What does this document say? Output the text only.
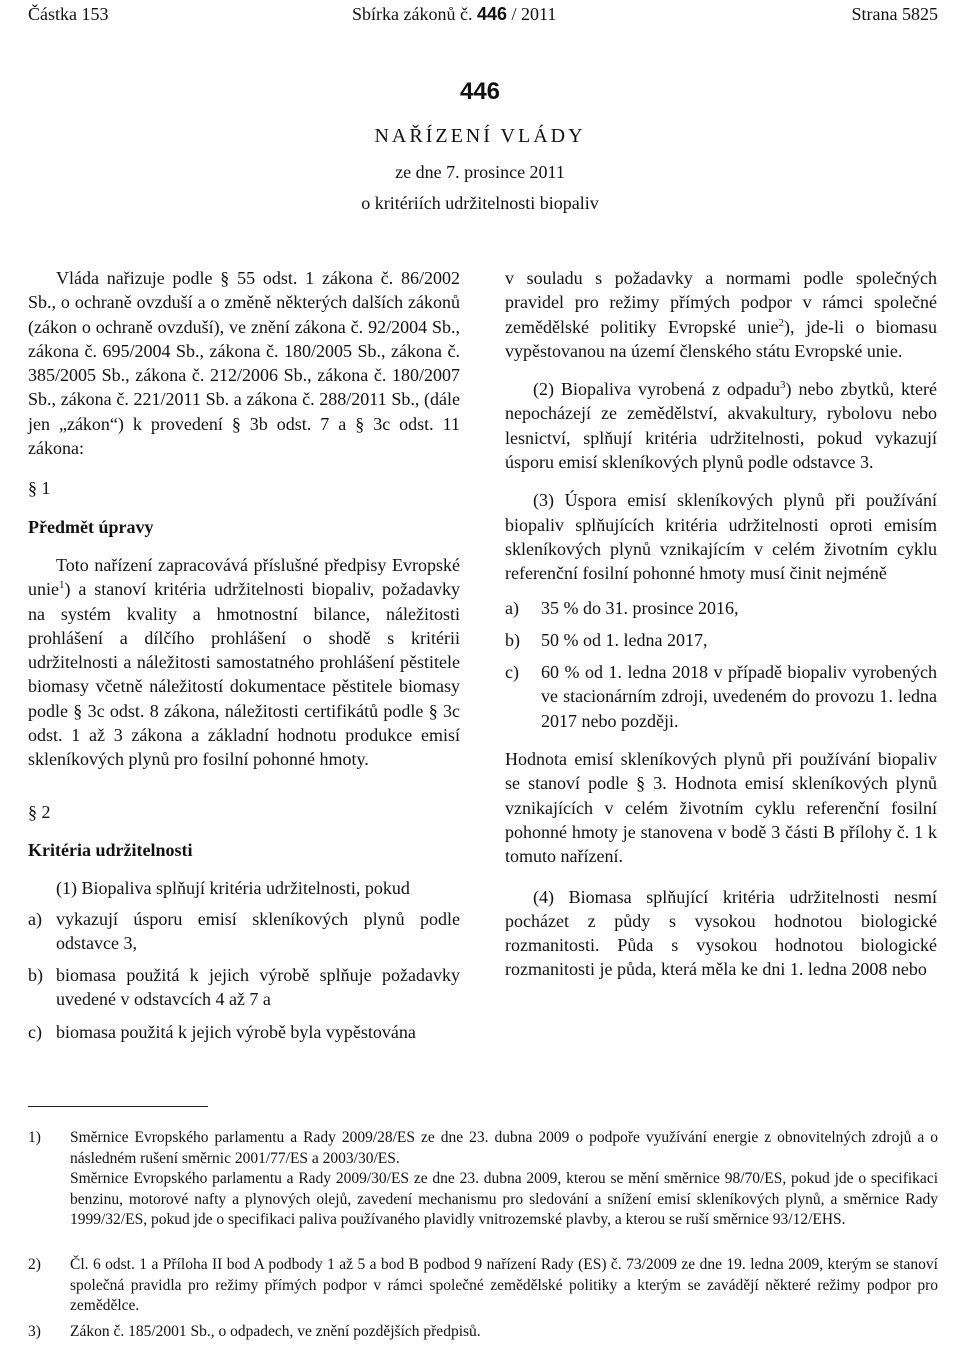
Částka 153	Sbírka zákonů č. 446 / 2011	Strana 5825
446
NAŘÍZENÍ VLÁDY
ze dne 7. prosince 2011
o kritériích udržitelnosti biopaliv

Vláda nařizuje podle § 55 odst. 1 zákona č. 86/2002 Sb., o ochraně ovzduší a o změně některých dalších zákonů (zákon o ochraně ovzduší), ve znění zákona č. 92/2004 Sb., zákona č. 695/2004 Sb., zákona č. 180/2005 Sb., zákona č. 385/2005 Sb., zákona č. 212/2006 Sb., zákona č. 180/2007 Sb., zákona č. 221/2011 Sb. a zákona č. 288/2011 Sb., (dále jen „zákon“) k provedení § 3b odst. 7 a § 3c odst. 11 zákona:

§ 1

Předmět úpravy

Toto nařízení zapracovává příslušné předpisy Evropské unie$^1$) a stanoví kritéria udržitelnosti biopaliv, požadavky na systém kvality a hmotnostní bilance, náležitosti prohlášení a dílčího prohlášení o shodě s kritérii udržitelnosti a náležitosti samostatného prohlášení pěstitele biomasy včetně náležitostí dokumentace pěstitele biomasy podle § 3c odst. 8 zákona, náležitosti certifikátů podle § 3c odst. 1 až 3 zákona a základní hodnotu produkce emisí skleníkových plynů pro fosilní pohonné hmoty.

§ 2

Kritéria udržitelnosti

(1) Biopaliva splňují kritéria udržitelnosti, pokud

a) vykazují úsporu emisí skleníkových plynů podle odstavce 3,
b) biomasa použitá k jejich výrobě splňuje požadavky uvedené v odstavcích 4 až 7 a
c) biomasa použitá k jejich výrobě byla vypěstována

v souladu s požadavky a normami podle společných pravidel pro režimy přímých podpor v rámci společné zemědělské politiky Evropské unie$^2$), jde-li o biomasu vypěstovanou na území členského státu Evropské unie.

(2) Biopaliva vyrobená z odpadu$^3$) nebo zbytků, které nepocházejí ze zemědělství, akvakultury, rybolovu nebo lesnictví, splňují kritéria udržitelnosti, pokud vykazují úsporu emisí skleníkových plynů podle odstavce 3.

(3) Úspora emisí skleníkových plynů při používání biopaliv splňujících kritéria udržitelnosti oproti emisím skleníkových plynů vznikajícím v celém životním cyklu referenční fosilní pohonné hmoty musí činit nejméně

a)	35 % do 31. prosince 2016,
b)	50 % od 1. ledna 2017,
c)	60 % od 1. ledna 2018 v případě biopaliv vyrobených ve stacionárním zdroji, uvedeném do provozu 1. ledna 2017 nebo později.

Hodnota emisí skleníkových plynů při používání biopaliv se stanoví podle § 3. Hodnota emisí skleníkových plynů vznikajících v celém životním cyklu referenční fosilní pohonné hmoty je stanovena v bodě 3 části B přílohy č. 1 k tomuto nařízení.

(4) Biomasa splňující kritéria udržitelnosti nesmí pocházet z půdy s vysokou hodnotou biologické rozmanitosti. Půda s vysokou hodnotou biologické rozmanitosti je půda, která měla ke dni 1. ledna 2008 nebo

1)	Směrnice Evropského parlamentu a Rady 2009/28/ES ze dne 23. dubna 2009 o podpoře využívání energie z obnovitelných zdrojů a o následném rušení směrnic 2001/77/ES a 2003/30/ES.

Směrnice Evropského parlamentu a Rady 2009/30/ES ze dne 23. dubna 2009, kterou se mění směrnice 98/70/ES, pokud jde o specifikaci benzinu, motorové nafty a plynových olejů, zavedení mechanismu pro sledování a snížení emisí skleníkových plynů, a směrnice Rady 1999/32/ES, pokud jde o specifikaci paliva používaného plavidly vnitrozemské plavby, a kterou se ruší směrnice 93/12/EHS.

2)	Čl. 6 odst. 1 a Příloha II bod A podbody 1 až 5 a bod B podbod 9 nařízení Rady (ES) č. 73/2009 ze dne 19. ledna 2009, kterým se stanoví společná pravidla pro režimy přímých podpor v rámci společné zemědělské politiky a kterým se zavádějí některé režimy podpor pro zemědělce.

3)	Zákon č. 185/2001 Sb., o odpadech, ve znění pozdějších předpisů.
